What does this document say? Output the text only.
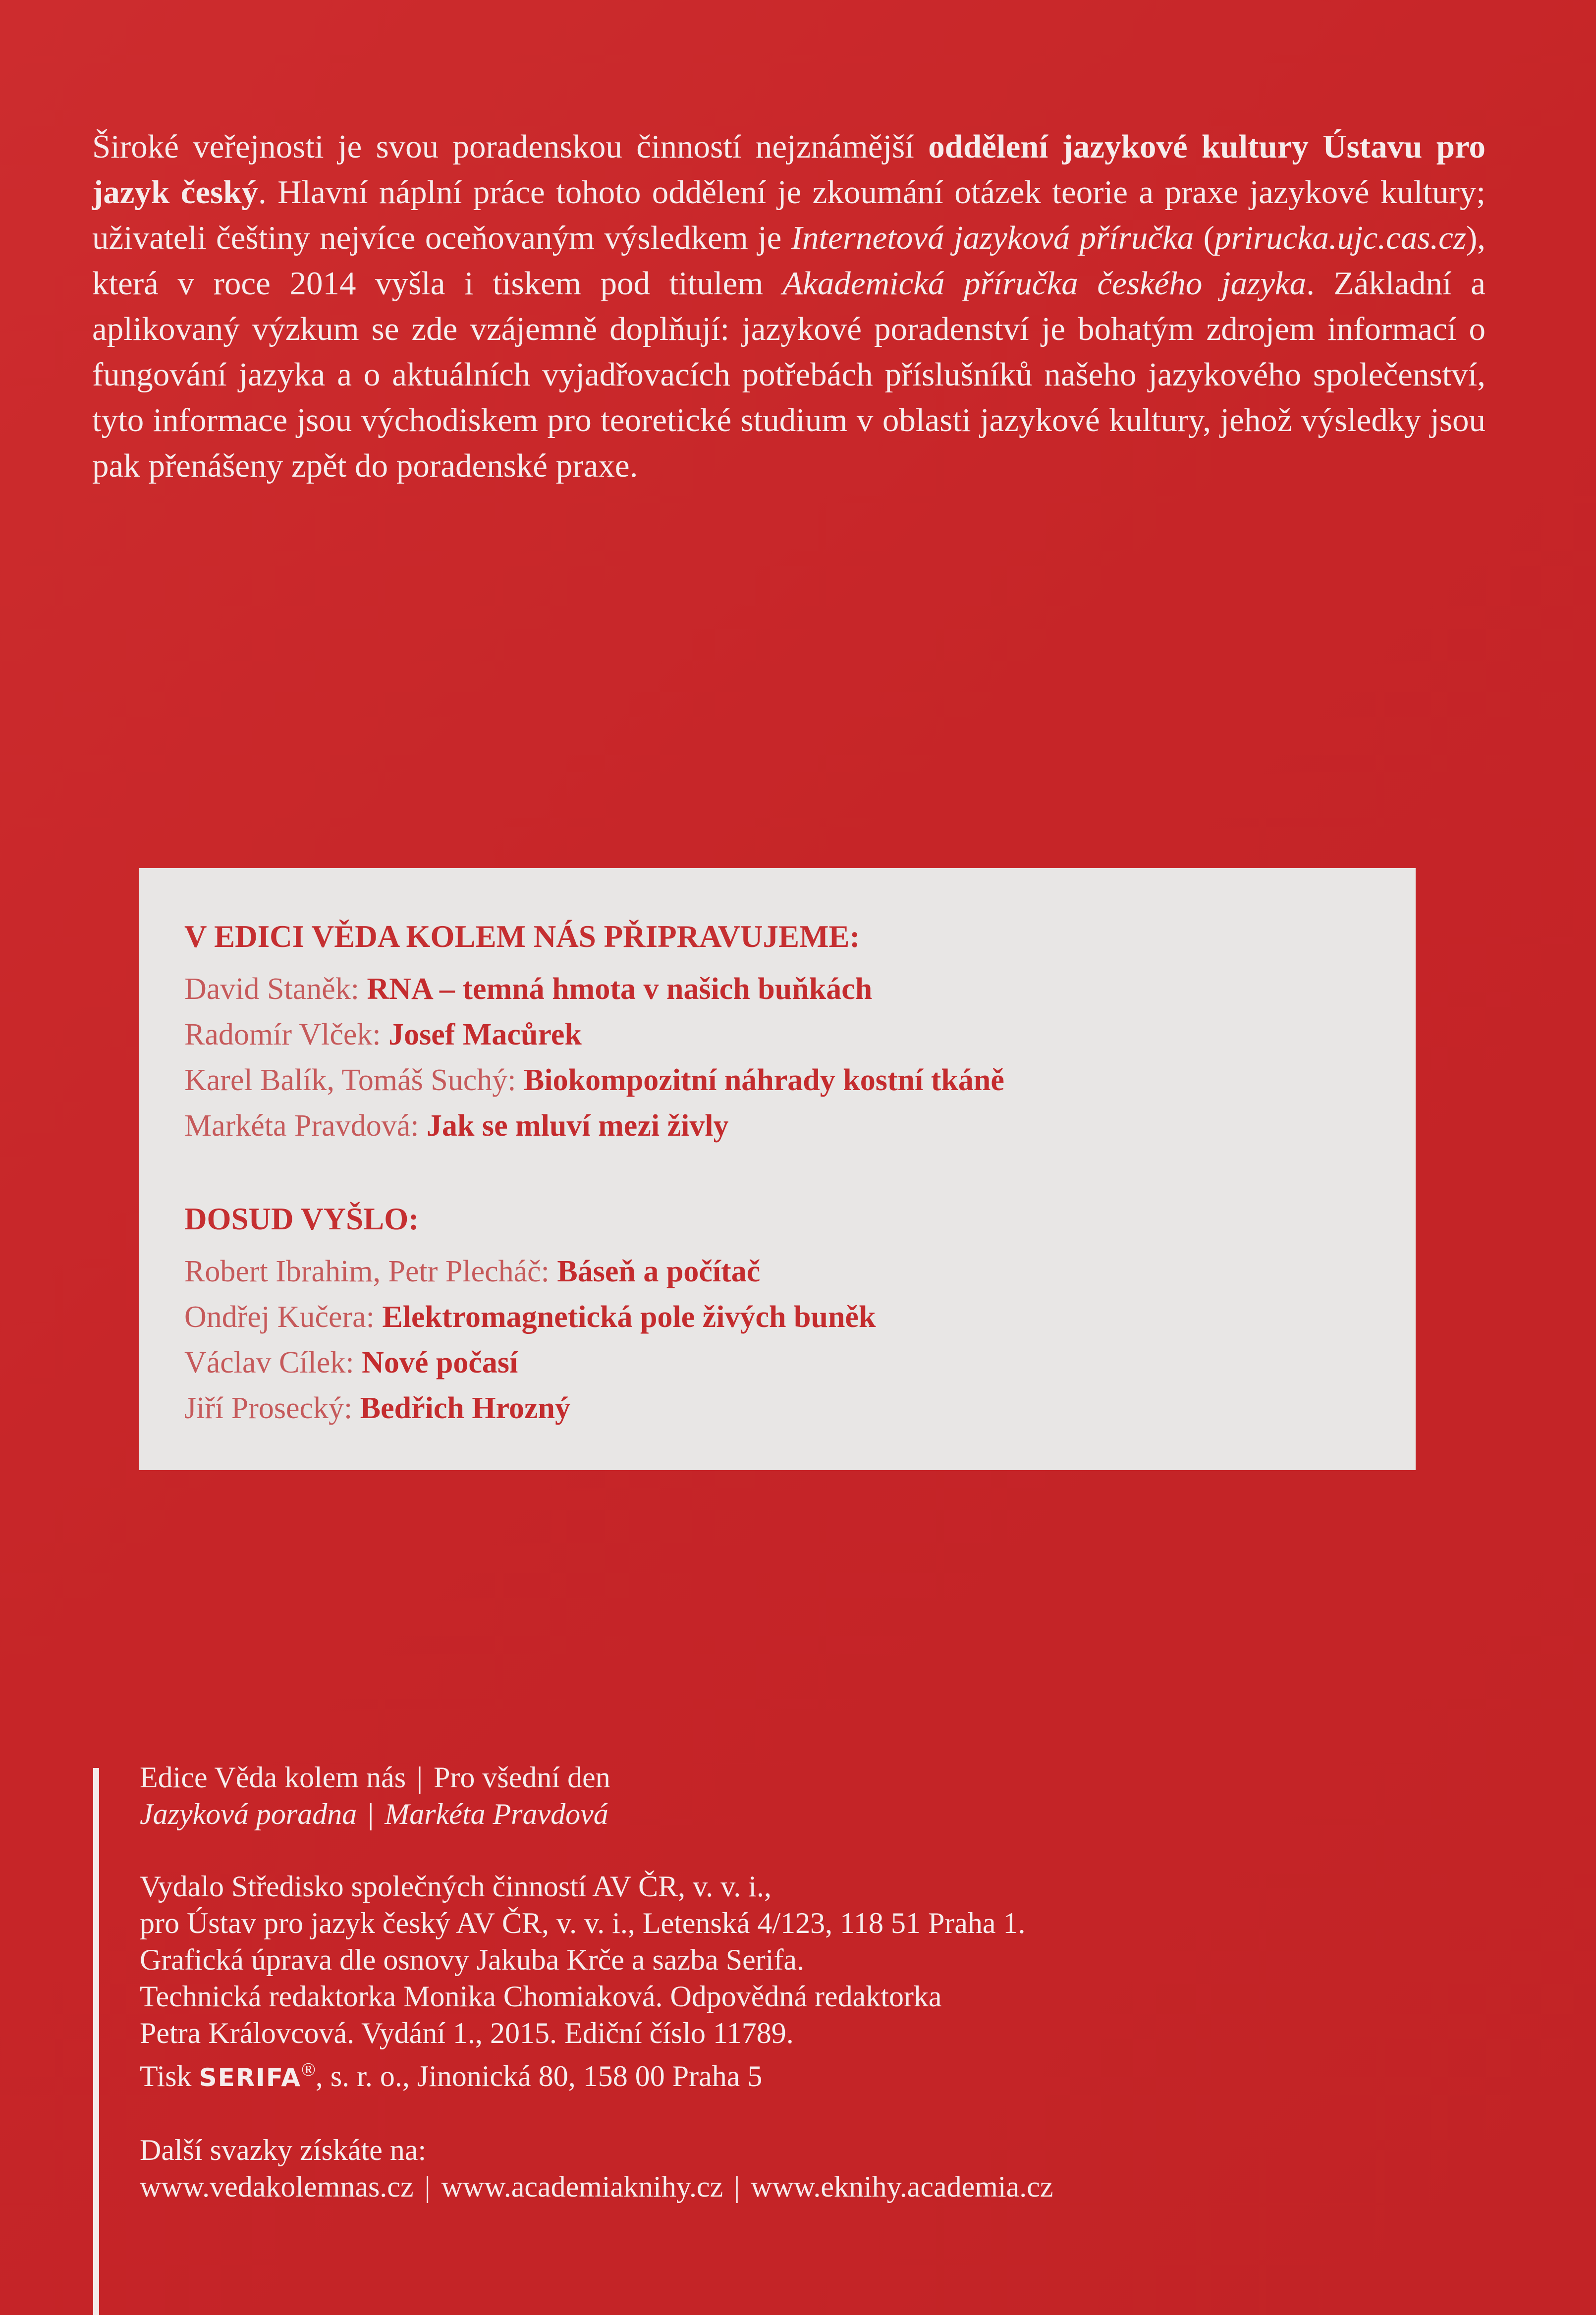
Široké veřejnosti je svou poradenskou činností nejznámější oddělení jazykové kultury Ústavu pro jazyk český. Hlavní náplní práce tohoto oddělení je zkoumání otázek teorie a praxe jazykové kultury; uživateli češtiny nejvíce oceňovaným výsledkem je Internetová jazyková příručka (prirucka.ujc.cas.cz), která v roce 2014 vyšla i tiskem pod titulem Akademická příručka českého jazyka. Základní a aplikovaný výzkum se zde vzájemně doplňují: jazykové poradenství je bohatým zdrojem informací o fungování jazyka a o aktuálních vyjadřovacích potřebách příslušníků našeho jazykového společenství, tyto informace jsou východiskem pro teoretické studium v oblasti jazykové kultury, jehož výsledky jsou pak přenášeny zpět do poradenské praxe.
V EDICI VĚDA KOLEM NÁS PŘIPRAVUJEME:
David Staněk: RNA – temná hmota v našich buňkách
Radomír Vlček: Josef Macůrek
Karel Balík, Tomáš Suchý: Biokompozitní náhrady kostní tkáně
Markéta Pravdová: Jak se mluví mezi živly
DOSUD VYŠLO:
Robert Ibrahim, Petr Plecháč: Báseň a počítač
Ondřej Kučera: Elektromagnetická pole živých buněk
Václav Cílek: Nové počasí
Jiří Prosecký: Bedřich Hrozný
Edice Věda kolem nás | Pro všední den
Jazyková poradna | Markéta Pravdová
Vydalo Středisko společných činností AV ČR, v. v. i.,
pro Ústav pro jazyk český AV ČR, v. v. i., Letenská 4/123, 118 51 Praha 1.
Grafická úprava dle osnovy Jakuba Krče a sazba Serifa.
Technická redaktorka Monika Chomiaková. Odpovědná redaktorka
Petra Královcová. Vydání 1., 2015. Ediční číslo 11789.
Tisk SERIFA®, s. r. o., Jinonická 80, 158 00 Praha 5
Další svazky získáte na:
www.vedakolemnas.cz | www.academiaknihy.cz | www.eknihy.academia.cz
